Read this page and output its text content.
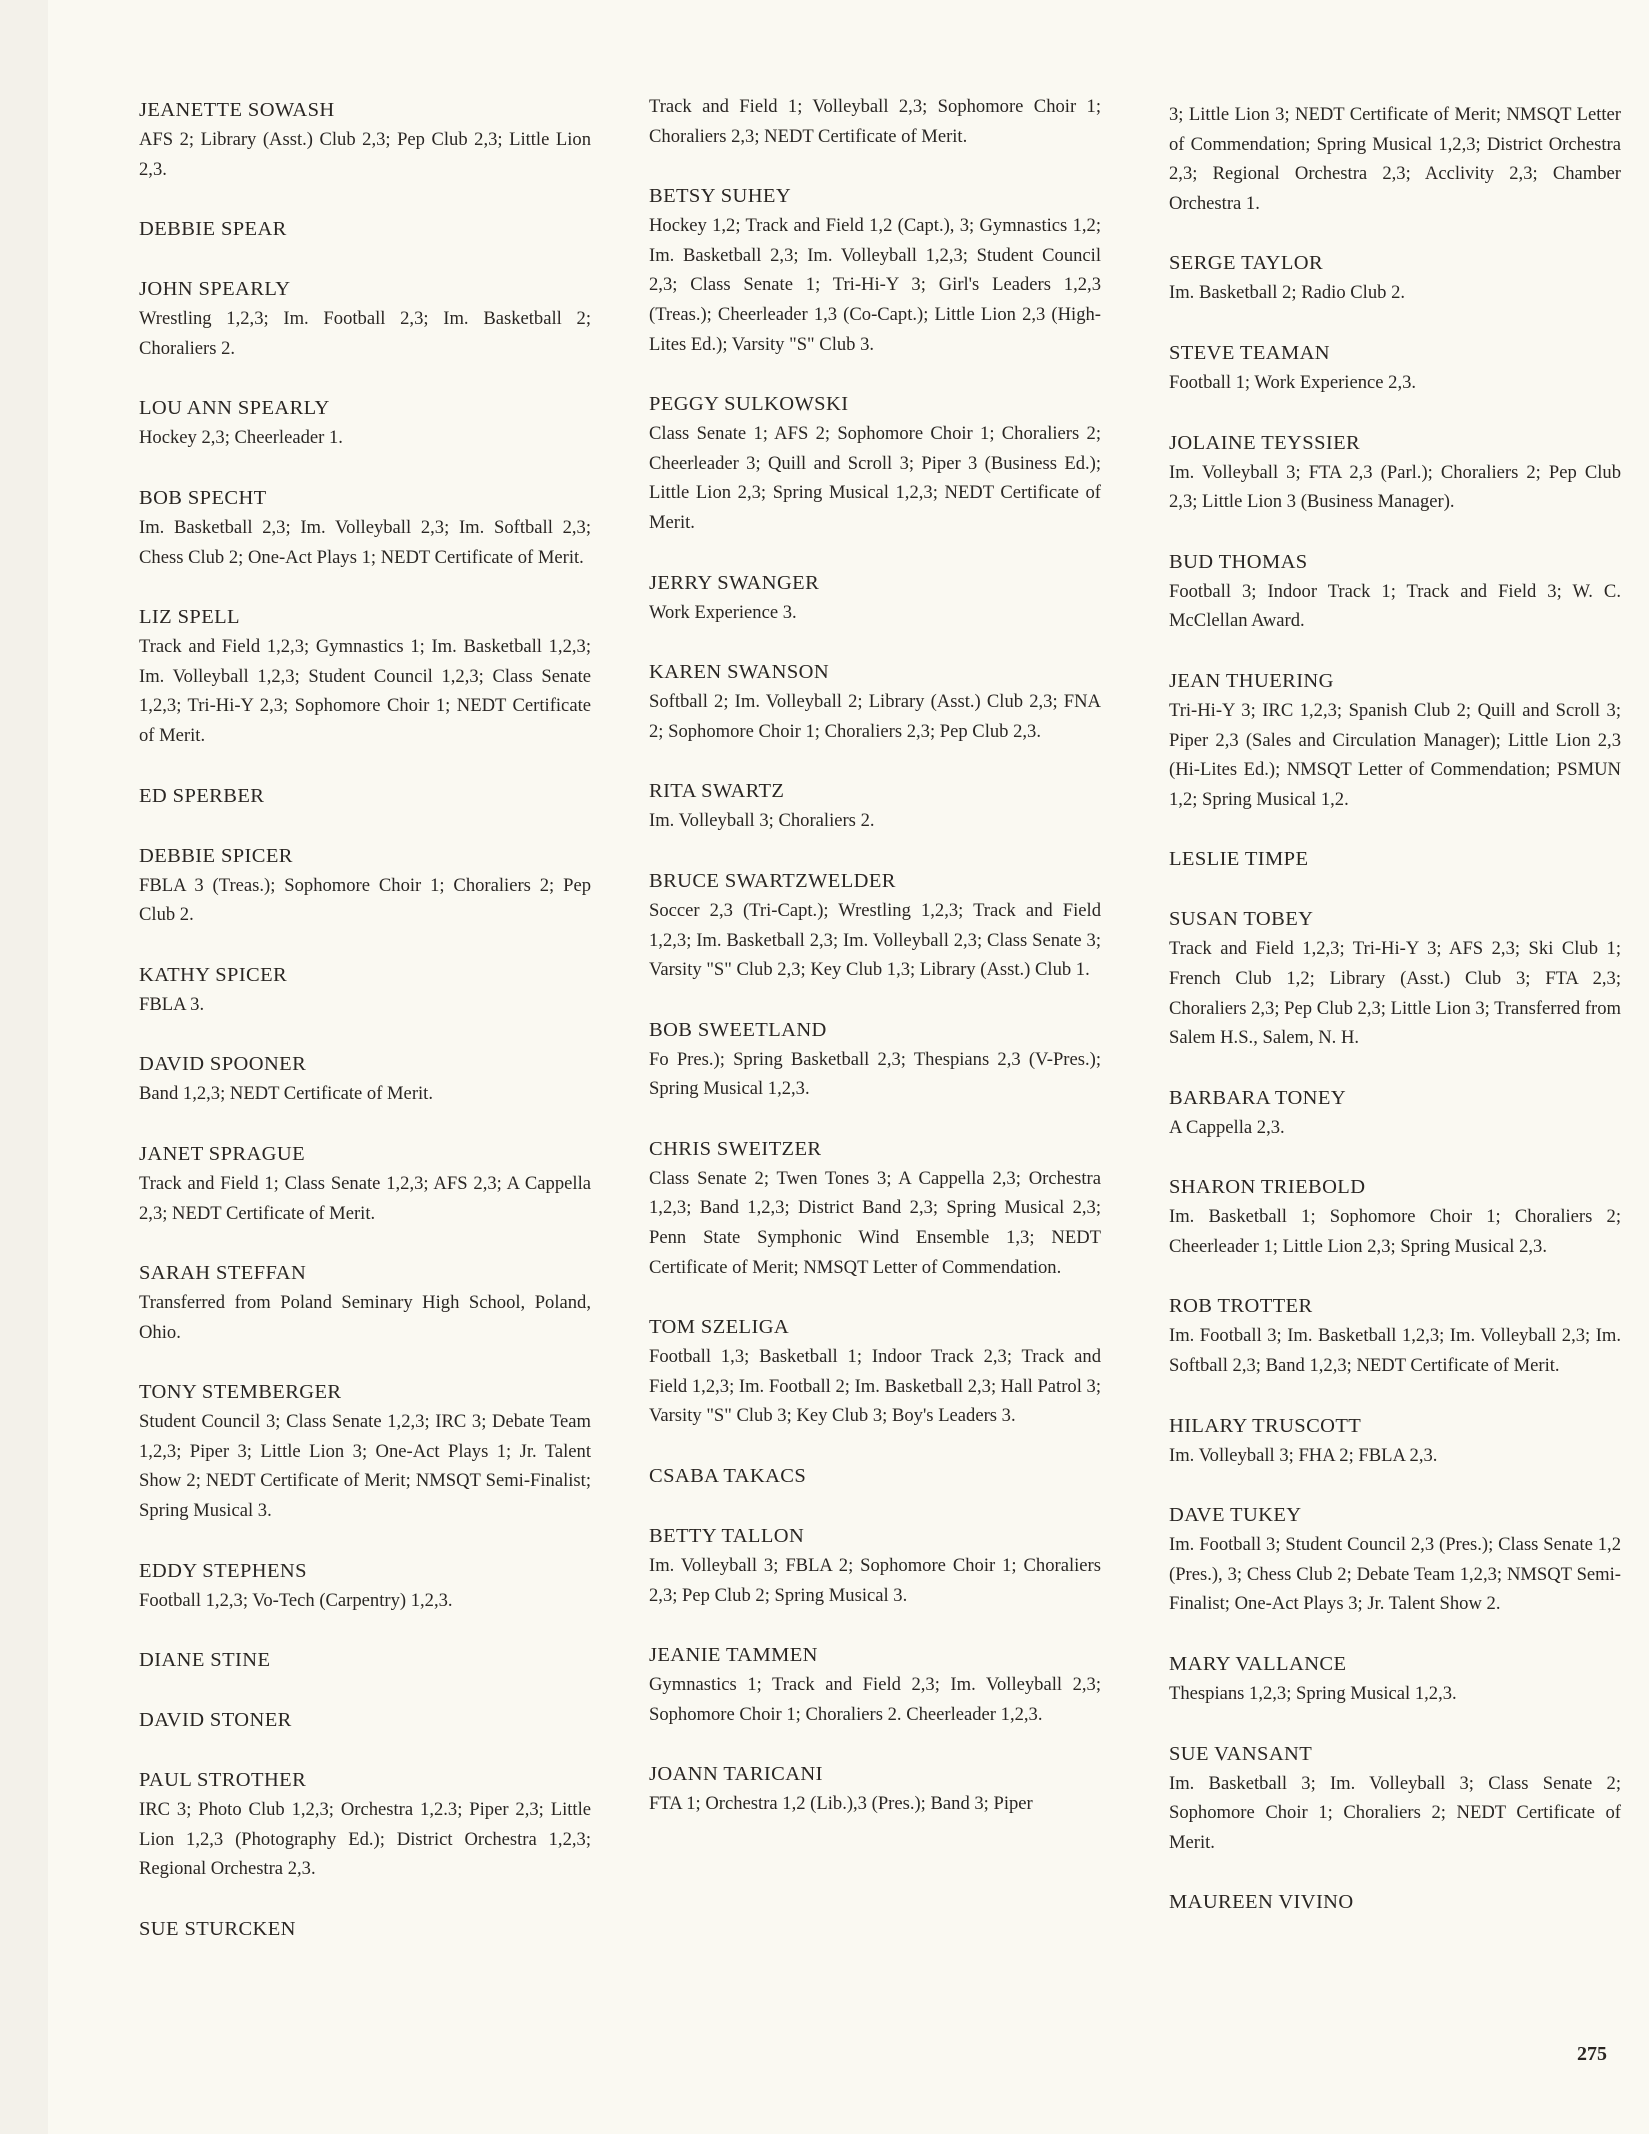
JEANETTE SOWASH
AFS 2; Library (Asst.) Club 2,3; Pep Club 2,3; Little Lion 2,3.
DEBBIE SPEAR
JOHN SPEARLY
Wrestling 1,2,3; Im. Football 2,3; Im. Basketball 2; Choraliers 2.
LOU ANN SPEARLY
Hockey 2,3; Cheerleader 1.
BOB SPECHT
Im. Basketball 2,3; Im. Volleyball 2,3; Im. Softball 2,3; Chess Club 2; One-Act Plays 1; NEDT Certificate of Merit.
LIZ SPELL
Track and Field 1,2,3; Gymnastics 1; Im. Basketball 1,2,3; Im. Volleyball 1,2,3; Student Council 1,2,3; Class Senate 1,2,3; Tri-Hi-Y 2,3; Sophomore Choir 1; NEDT Certificate of Merit.
ED SPERBER
DEBBIE SPICER
FBLA 3 (Treas.); Sophomore Choir 1; Choraliers 2; Pep Club 2.
KATHY SPICER
FBLA 3.
DAVID SPOONER
Band 1,2,3; NEDT Certificate of Merit.
JANET SPRAGUE
Track and Field 1; Class Senate 1,2,3; AFS 2,3; A Cappella 2,3; NEDT Certificate of Merit.
SARAH STEFFAN
Transferred from Poland Seminary High School, Poland, Ohio.
TONY STEMBERGER
Student Council 3; Class Senate 1,2,3; IRC 3; Debate Team 1,2,3; Piper 3; Little Lion 3; One-Act Plays 1; Jr. Talent Show 2; NEDT Certificate of Merit; NMSQT Semi-Finalist; Spring Musical 3.
EDDY STEPHENS
Football 1,2,3; Vo-Tech (Carpentry) 1,2,3.
DIANE STINE
DAVID STONER
PAUL STROTHER
IRC 3; Photo Club 1,2,3; Orchestra 1,2.3; Piper 2,3; Little Lion 1,2,3 (Photography Ed.); District Orchestra 1,2,3; Regional Orchestra 2,3.
SUE STURCKEN
Track and Field 1; Volleyball 2,3; Sophomore Choir 1; Choraliers 2,3; NEDT Certificate of Merit.
BETSY SUHEY
Hockey 1,2; Track and Field 1,2 (Capt.), 3; Gymnastics 1,2; Im. Basketball 2,3; Im. Volleyball 1,2,3; Student Council 2,3; Class Senate 1; Tri-Hi-Y 3; Girl's Leaders 1,2,3 (Treas.); Cheerleader 1,3 (Co-Capt.); Little Lion 2,3 (High-Lites Ed.); Varsity "S" Club 3.
PEGGY SULKOWSKI
Class Senate 1; AFS 2; Sophomore Choir 1; Choraliers 2; Cheerleader 3; Quill and Scroll 3; Piper 3 (Business Ed.); Little Lion 2,3; Spring Musical 1,2,3; NEDT Certificate of Merit.
JERRY SWANGER
Work Experience 3.
KAREN SWANSON
Softball 2; Im. Volleyball 2; Library (Asst.) Club 2,3; FNA 2; Sophomore Choir 1; Choraliers 2,3; Pep Club 2,3.
RITA SWARTZ
Im. Volleyball 3; Choraliers 2.
BRUCE SWARTZWELDER
Soccer 2,3 (Tri-Capt.); Wrestling 1,2,3; Track and Field 1,2,3; Im. Basketball 2,3; Im. Volleyball 2,3; Class Senate 3; Varsity "S" Club 2,3; Key Club 1,3; Library (Asst.) Club 1.
BOB SWEETLAND
Fo Pres.); Spring Basketball 2,3; Thespians 2,3 (V-Pres.); Spring Musical 1,2,3.
CHRIS SWEITZER
Class Senate 2; Twen Tones 3; A Cappella 2,3; Orchestra 1,2,3; Band 1,2,3; District Band 2,3; Spring Musical 2,3; Penn State Symphonic Wind Ensemble 1,3; NEDT Certificate of Merit; NMSQT Letter of Commendation.
TOM SZELIGA
Football 1,3; Basketball 1; Indoor Track 2,3; Track and Field 1,2,3; Im. Football 2; Im. Basketball 2,3; Hall Patrol 3; Varsity "S" Club 3; Key Club 3; Boy's Leaders 3.
CSABA TAKACS
BETTY TALLON
Im. Volleyball 3; FBLA 2; Sophomore Choir 1; Choraliers 2,3; Pep Club 2; Spring Musical 3.
JEANIE TAMMEN
Gymnastics 1; Track and Field 2,3; Im. Volleyball 2,3; Sophomore Choir 1; Choraliers 2. Cheerleader 1,2,3.
JOANN TARICANI
FTA 1; Orchestra 1,2 (Lib.),3 (Pres.); Band 3; Piper
3; Little Lion 3; NEDT Certificate of Merit; NMSQT Letter of Commendation; Spring Musical 1,2,3; District Orchestra 2,3; Regional Orchestra 2,3; Acclivity 2,3; Chamber Orchestra 1.
SERGE TAYLOR
Im. Basketball 2; Radio Club 2.
STEVE TEAMAN
Football 1; Work Experience 2,3.
JOLAINE TEYSSIER
Im. Volleyball 3; FTA 2,3 (Parl.); Choraliers 2; Pep Club 2,3; Little Lion 3 (Business Manager).
BUD THOMAS
Football 3; Indoor Track 1; Track and Field 3; W. C. McClellan Award.
JEAN THUERING
Tri-Hi-Y 3; IRC 1,2,3; Spanish Club 2; Quill and Scroll 3; Piper 2,3 (Sales and Circulation Manager); Little Lion 2,3 (Hi-Lites Ed.); NMSQT Letter of Commendation; PSMUN 1,2; Spring Musical 1,2.
LESLIE TIMPE
SUSAN TOBEY
Track and Field 1,2,3; Tri-Hi-Y 3; AFS 2,3; Ski Club 1; French Club 1,2; Library (Asst.) Club 3; FTA 2,3; Choraliers 2,3; Pep Club 2,3; Little Lion 3; Transferred from Salem H.S., Salem, N. H.
BARBARA TONEY
A Cappella 2,3.
SHARON TRIEBOLD
Im. Basketball 1; Sophomore Choir 1; Choraliers 2; Cheerleader 1; Little Lion 2,3; Spring Musical 2,3.
ROB TROTTER
Im. Football 3; Im. Basketball 1,2,3; Im. Volleyball 2,3; Im. Softball 2,3; Band 1,2,3; NEDT Certificate of Merit.
HILARY TRUSCOTT
Im. Volleyball 3; FHA 2; FBLA 2,3.
DAVE TUKEY
Im. Football 3; Student Council 2,3 (Pres.); Class Senate 1,2 (Pres.), 3; Chess Club 2; Debate Team 1,2,3; NMSQT Semi-Finalist; One-Act Plays 3; Jr. Talent Show 2.
MARY VALLANCE
Thespians 1,2,3; Spring Musical 1,2,3.
SUE VANSANT
Im. Basketball 3; Im. Volleyball 3; Class Senate 2; Sophomore Choir 1; Choraliers 2; NEDT Certificate of Merit.
MAUREEN VIVINO
275
